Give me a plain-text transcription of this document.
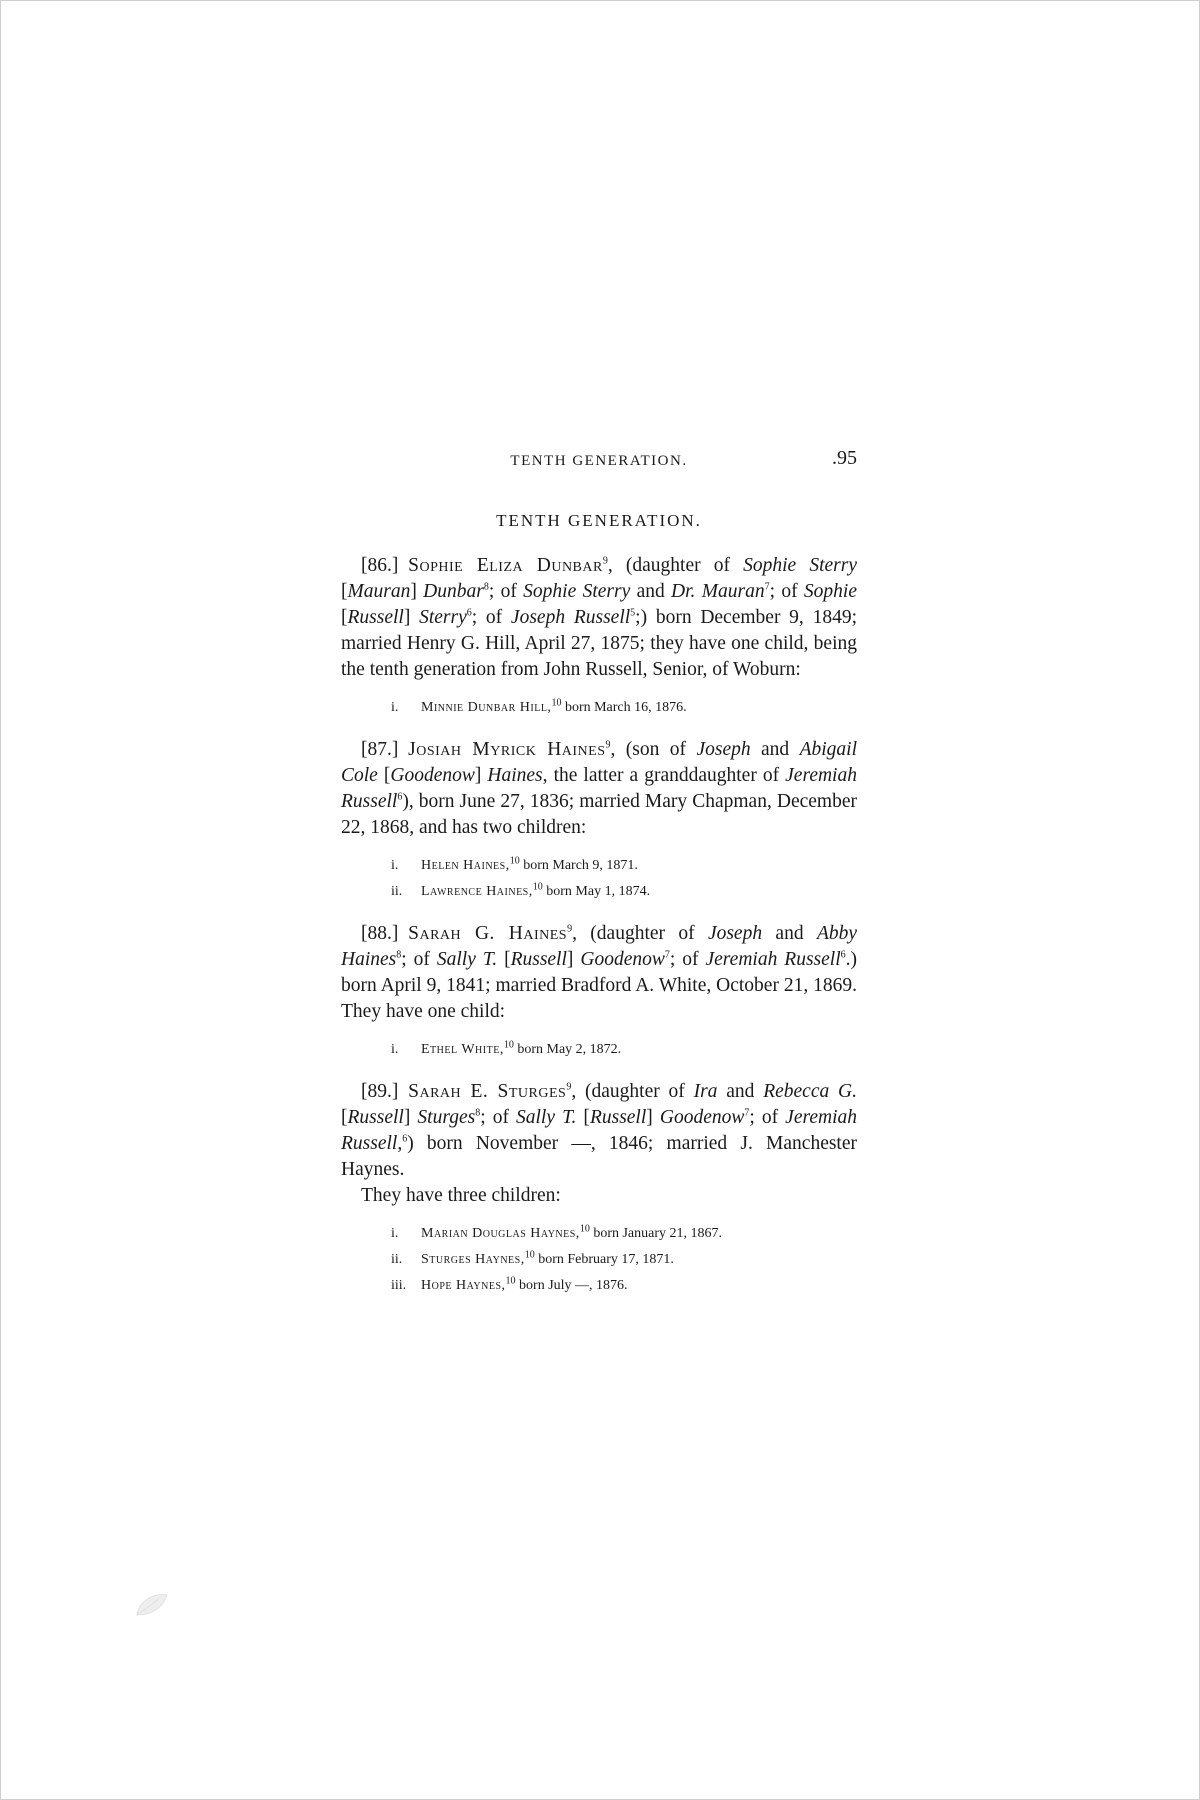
TENTH GENERATION.	.95
TENTH GENERATION.

[86.]  Sophie Eliza Dunbar$^9$, (daughter of Sophie Sterry [Mauran] Dunbar$^8$; of Sophie Sterry and Dr. Mauran$^7$; of Sophie [Russell] Sterry$^6$; of Joseph Russell$^5$;) born December 9, 1849; married Henry G. Hill, April 27, 1875; they have one child, being the tenth generation from John Russell, Senior, of Woburn:

i. Minnie Dunbar Hill,$^{10}$ born March 16, 1876.

[87.]  Josiah Myrick Haines$^9$, (son of Joseph and Abigail Cole [Goodenow] Haines, the latter a granddaughter of Jeremiah Russell$^6$), born June 27, 1836; married Mary Chapman, December 22, 1868, and has two children:

i. Helen Haines,$^{10}$ born March 9, 1871.
ii. Lawrence Haines,$^{10}$ born May 1, 1874.

[88.]  Sarah G. Haines$^9$, (daughter of Joseph and Abby Haines$^8$; of Sally T. [Russell] Goodenow$^7$; of Jeremiah Russell$^6$.) born April 9, 1841; married Bradford A. White, October 21, 1869. They have one child:

i. Ethel White,$^{10}$ born May 2, 1872.

[89.]  Sarah E. Sturges$^9$, (daughter of Ira and Rebecca G. [Russell] Sturges$^8$; of Sally T. [Russell] Goodenow$^7$; of Jeremiah Russell,$^6$) born November —, 1846; married J. Manchester Haynes.

They have three children:

i. Marian Douglas Haynes,$^{10}$ born January 21, 1867.
ii. Sturges Haynes,$^{10}$ born February 17, 1871.
iii. Hope Haynes,$^{10}$ born July —, 1876.
